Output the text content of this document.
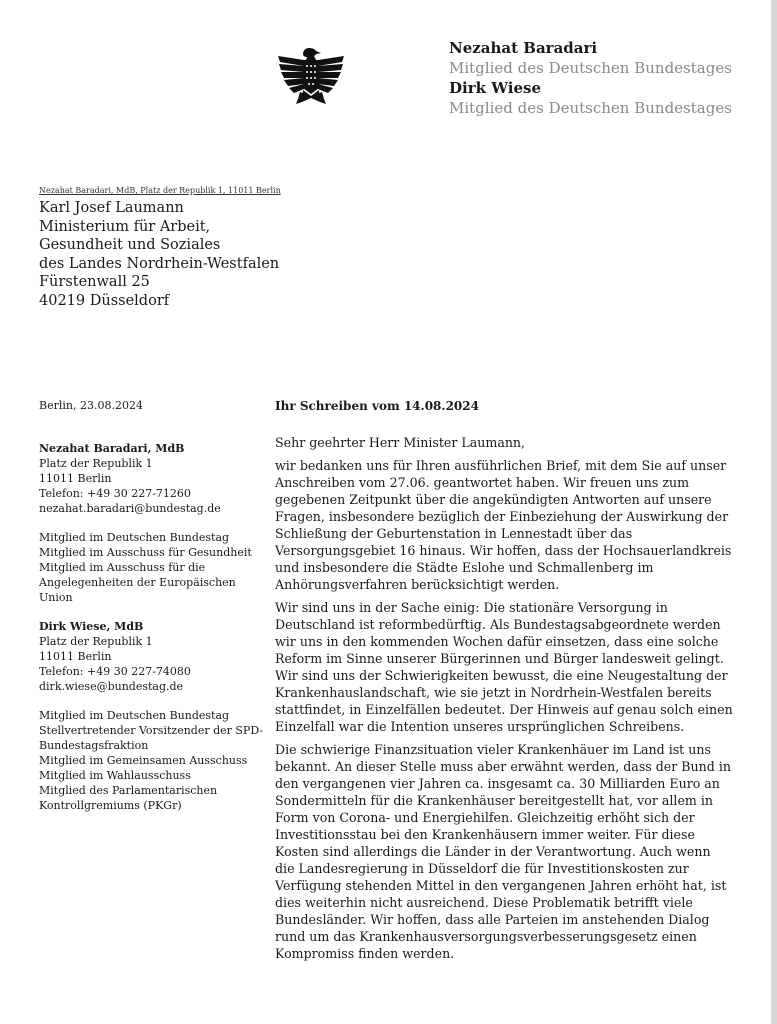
Nezahat Baradari
Mitglied des Deutschen Bundestages
Dirk Wiese
Mitglied des Deutschen Bundestages
Nezahat Baradari, MdB, Platz der Republik 1, 11011 Berlin
Karl Josef Laumann
Ministerium für Arbeit,
Gesundheit und Soziales
des Landes Nordrhein-Westfalen
Fürstenwall 25
40219 Düsseldorf
Berlin, 23.08.2024
Nezahat Baradari, MdB
Platz der Republik 1
11011 Berlin
Telefon: +49 30 227-71260
nezahat.baradari@bundestag.de
Mitglied im Deutschen Bundestag
Mitglied im Ausschuss für Gesundheit
Mitglied im Ausschuss für die
Angelegenheiten der Europäischen
Union
Dirk Wiese, MdB
Platz der Republik 1
11011 Berlin
Telefon: +49 30 227-74080
dirk.wiese@bundestag.de
Mitglied im Deutschen Bundestag
Stellvertretender Vorsitzender der SPD-
Bundestagsfraktion
Mitglied im Gemeinsamen Ausschuss
Mitglied im Wahlausschuss
Mitglied des Parlamentarischen
Kontrollgremiums (PKGr)
Ihr Schreiben vom 14.08.2024
Sehr geehrter Herr Minister Laumann,
wir bedanken uns für Ihren ausführlichen Brief, mit dem Sie auf unser
Anschreiben vom 27.06. geantwortet haben. Wir freuen uns zum
gegebenen Zeitpunkt über die angekündigten Antworten auf unsere
Fragen, insbesondere bezüglich der Einbeziehung der Auswirkung der
Schließung der Geburtenstation in Lennestadt über das
Versorgungsgebiet 16 hinaus. Wir hoffen, dass der Hochsauerlandkreis
und insbesondere die Städte Eslohe und Schmallenberg im
Anhörungsverfahren berücksichtigt werden.
Wir sind uns in der Sache einig: Die stationäre Versorgung in
Deutschland ist reformbedürftig. Als Bundestagsabgeordnete werden
wir uns in den kommenden Wochen dafür einsetzen, dass eine solche
Reform im Sinne unserer Bürgerinnen und Bürger landesweit gelingt.
Wir sind uns der Schwierigkeiten bewusst, die eine Neugestaltung der
Krankenhauslandschaft, wie sie jetzt in Nordrhein-Westfalen bereits
stattfindet, in Einzelfällen bedeutet. Der Hinweis auf genau solch einen
Einzelfall war die Intention unseres ursprünglichen Schreibens.
Die schwierige Finanzsituation vieler Krankenhäuer im Land ist uns
bekannt. An dieser Stelle muss aber erwähnt werden, dass der Bund in
den vergangenen vier Jahren ca. insgesamt ca. 30 Milliarden Euro an
Sondermitteln für die Krankenhäuser bereitgestellt hat, vor allem in
Form von Corona- und Energiehilfen. Gleichzeitig erhöht sich der
Investitionsstau bei den Krankenhäusern immer weiter. Für diese
Kosten sind allerdings die Länder in der Verantwortung. Auch wenn
die Landesregierung in Düsseldorf die für Investitionskosten zur
Verfügung stehenden Mittel in den vergangenen Jahren erhöht hat, ist
dies weiterhin nicht ausreichend. Diese Problematik betrifft viele
Bundesländer. Wir hoffen, dass alle Parteien im anstehenden Dialog
rund um das Krankenhausversorgungsverbesserungsgesetz einen
Kompromiss finden werden.
